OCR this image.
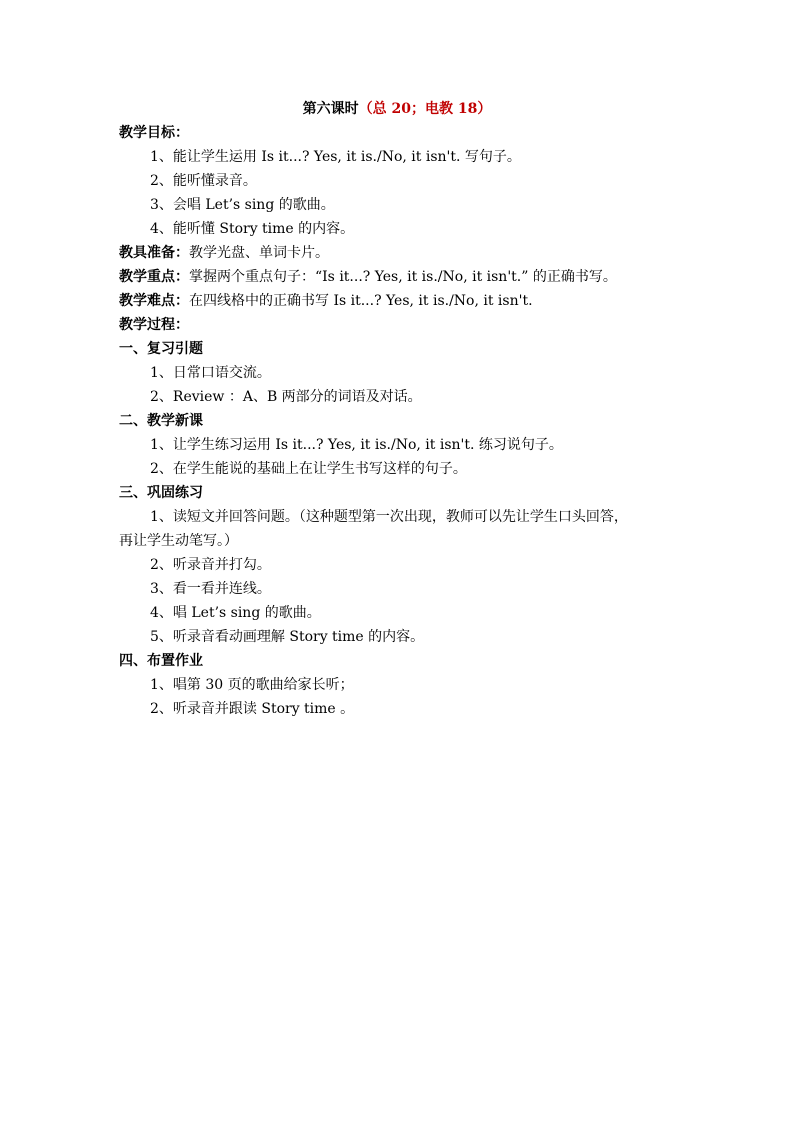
第六课时（总 20；电教 18）
教学目标：
1、能让学生运用 Is it...? Yes, it is./No, it isn't. 写句子。
2、能听懂录音。
3、会唱 Let’s sing 的歌曲。
4、能听懂 Story time 的内容。
教具准备：教学光盘、单词卡片。
教学重点：掌握两个重点句子：“Is it...? Yes, it is./No, it isn't.” 的正确书写。
教学难点：在四线格中的正确书写 Is it...? Yes, it is./No, it isn't.
教学过程：
一、复习引题
1、日常口语交流。
2、Review ：A、B 两部分的词语及对话。
二、教学新课
1、让学生练习运用 Is it...? Yes, it is./No, it isn't. 练习说句子。
2、在学生能说的基础上在让学生书写这样的句子。
三、巩固练习
1、读短文并回答问题。（这种题型第一次出现，教师可以先让学生口头回答，
再让学生动笔写。）
2、听录音并打勾。
3、看一看并连线。
4、唱 Let’s sing 的歌曲。
5、听录音看动画理解 Story time 的内容。
四、布置作业
1、唱第 30 页的歌曲给家长听；
2、听录音并跟读 Story time 。
